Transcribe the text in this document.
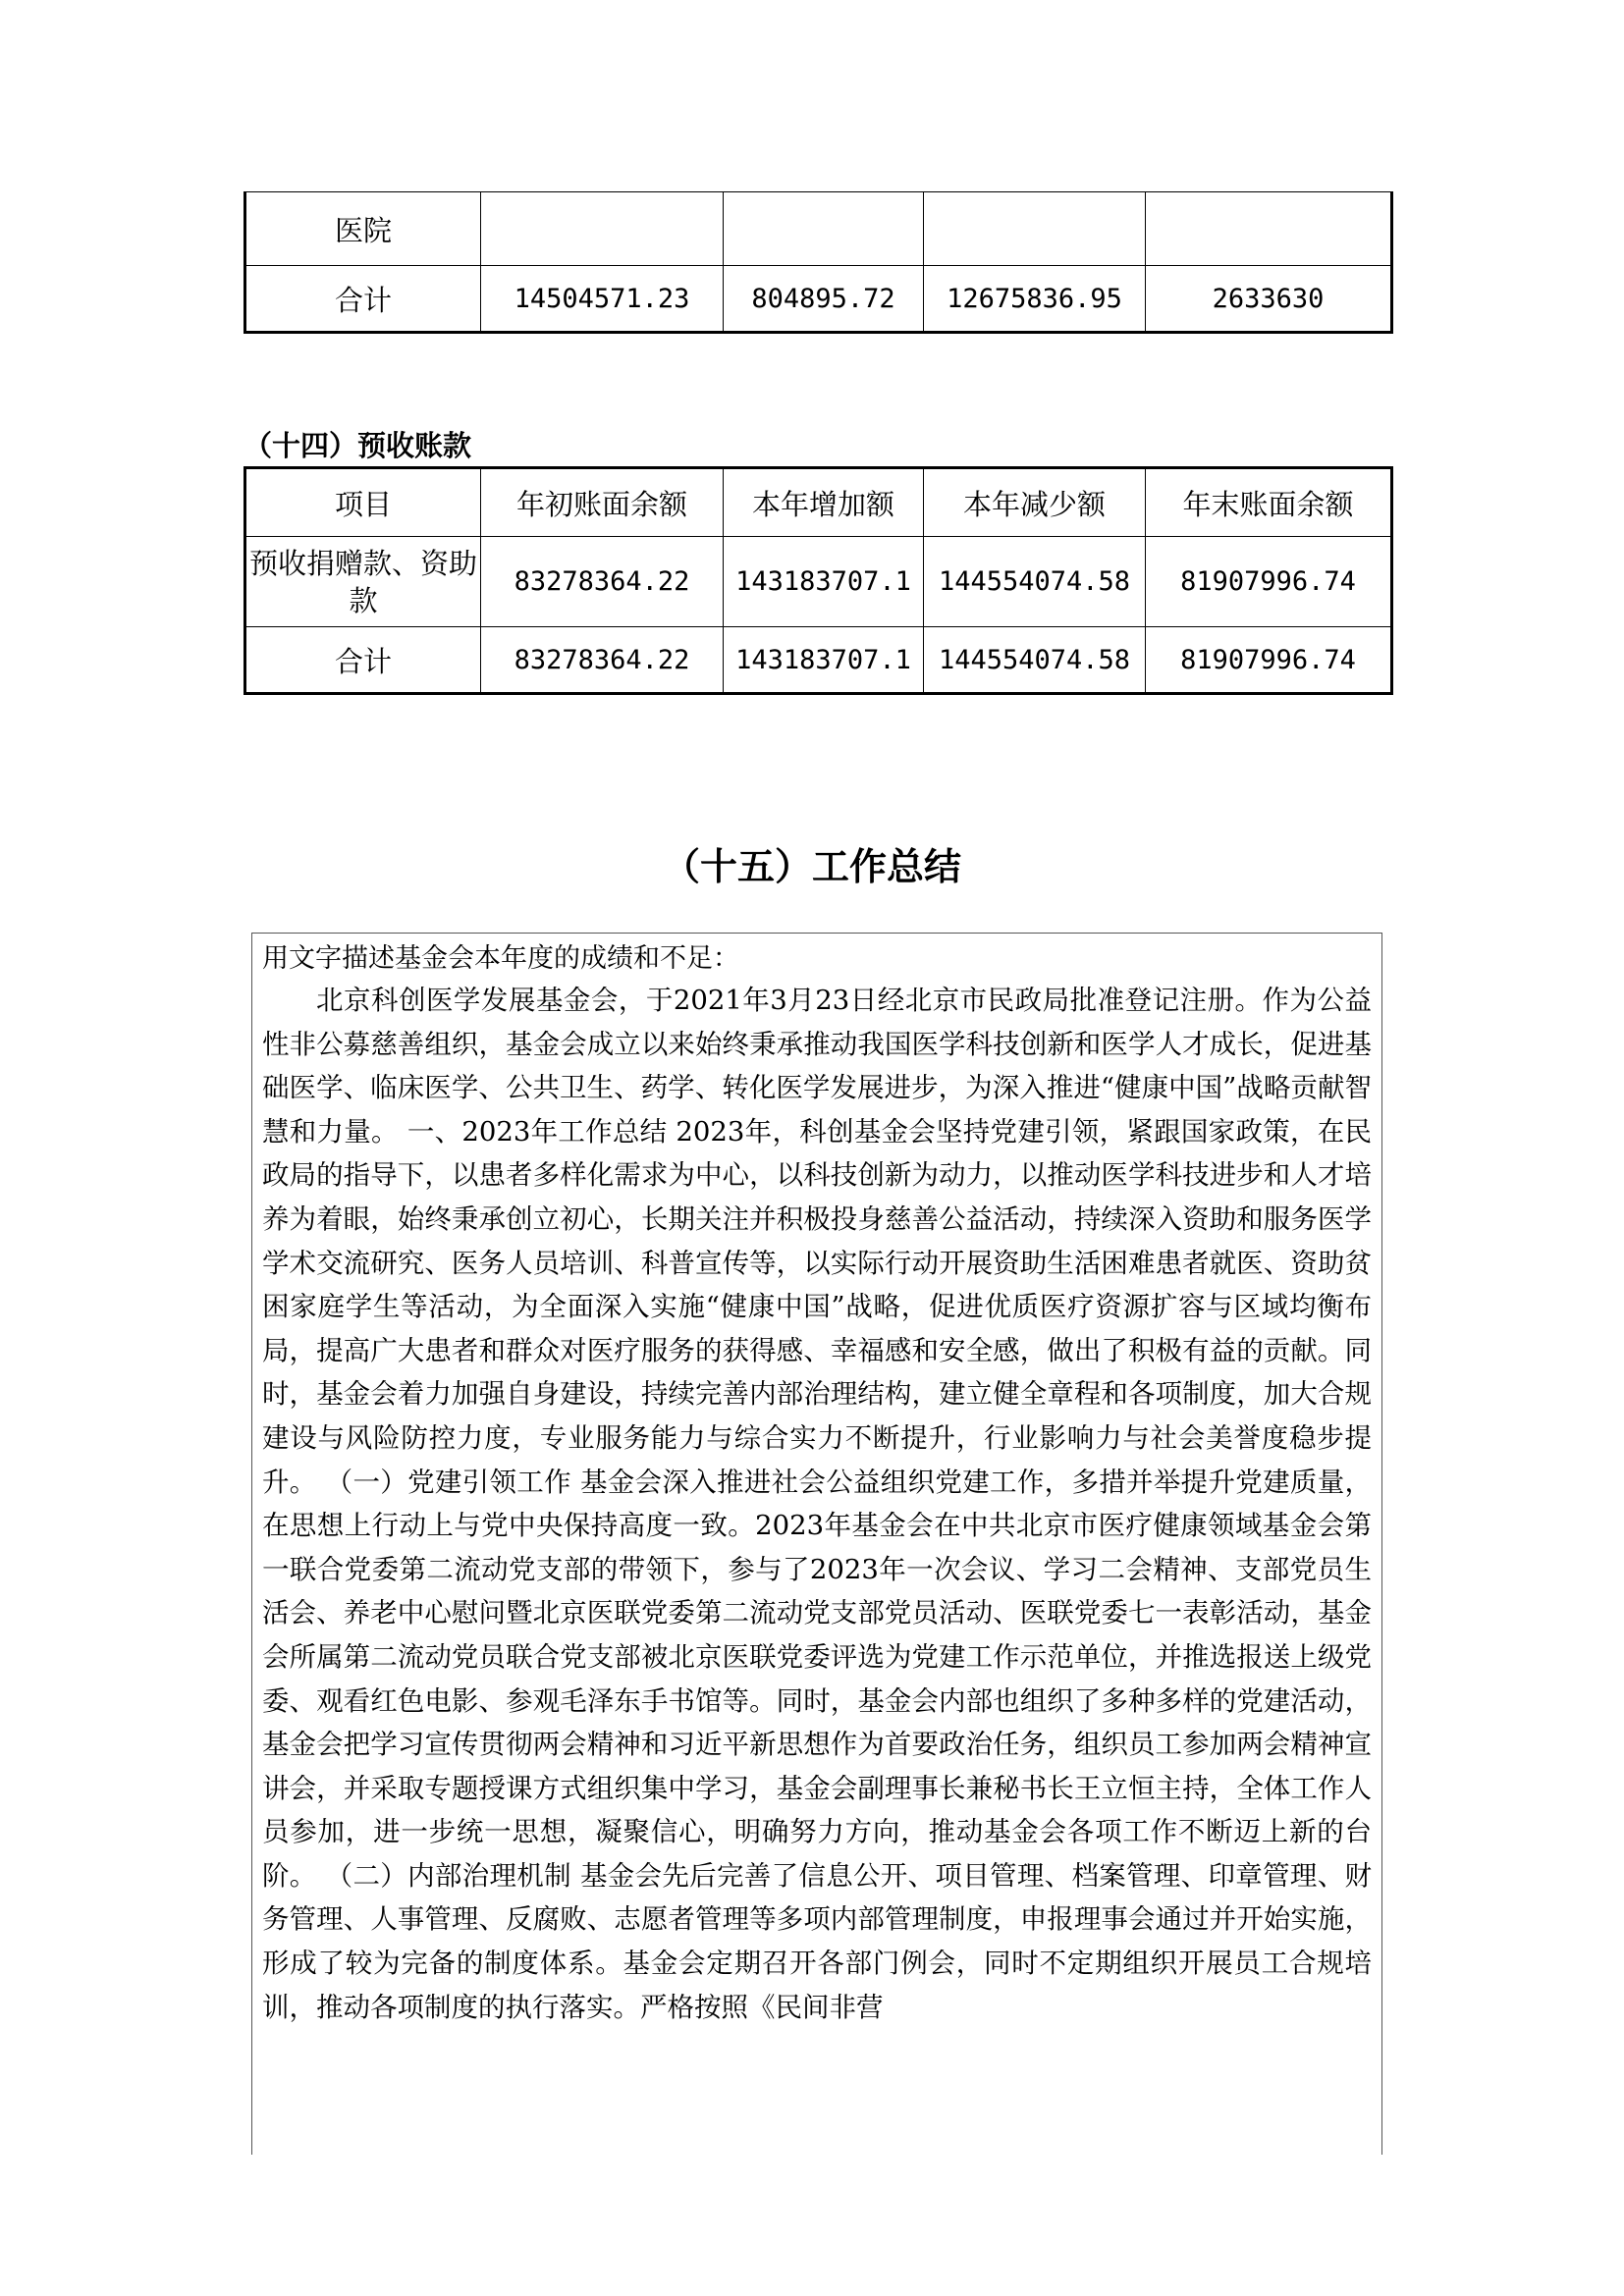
医院				
合计	14504571.23	804895.72	12675836.95	2633630
（十四）预收账款
项目	年初账面余额	本年增加额	本年减少额	年末账面余额
预收捐赠款、资助款	83278364.22	143183707.1	144554074.58	81907996.74
合计	83278364.22	143183707.1	144554074.58	81907996.74
（十五）工作总结

用文字描述基金会本年度的成绩和不足：

北京科创医学发展基金会，于2021年3月23日经北京市民政局批准登记注册。作为公益性非公募慈善组织，基金会成立以来始终秉承推动我国医学科技创新和医学人才成长，促进基础医学、临床医学、公共卫生、药学、转化医学发展进步，为深入推进“健康中国”战略贡献智慧和力量。 一、2023年工作总结 2023年，科创基金会坚持党建引领，紧跟国家政策，在民政局的指导下，以患者多样化需求为中心，以科技创新为动力，以推动医学科技进步和人才培养为着眼，始终秉承创立初心，长期关注并积极投身慈善公益活动，持续深入资助和服务医学学术交流研究、医务人员培训、科普宣传等，以实际行动开展资助生活困难患者就医、资助贫困家庭学生等活动，为全面深入实施“健康中国”战略，促进优质医疗资源扩容与区域均衡布局，提高广大患者和群众对医疗服务的获得感、幸福感和安全感，做出了积极有益的贡献。同时，基金会着力加强自身建设，持续完善内部治理结构，建立健全章程和各项制度，加大合规建设与风险防控力度，专业服务能力与综合实力不断提升，行业影响力与社会美誉度稳步提升。 （一）党建引领工作 基金会深入推进社会公益组织党建工作，多措并举提升党建质量，在思想上行动上与党中央保持高度一致。2023年基金会在中共北京市医疗健康领域基金会第一联合党委第二流动党支部的带领下，参与了2023年一次会议、学习二会精神、支部党员生活会、养老中心慰问暨北京医联党委第二流动党支部党员活动、医联党委七一表彰活动，基金会所属第二流动党员联合党支部被北京医联党委评选为党建工作示范单位，并推选报送上级党委、观看红色电影、参观毛泽东手书馆等。同时，基金会内部也组织了多种多样的党建活动，基金会把学习宣传贯彻两会精神和习近平新思想作为首要政治任务，组织员工参加两会精神宣讲会，并采取专题授课方式组织集中学习，基金会副理事长兼秘书长王立恒主持，全体工作人员参加，进一步统一思想，凝聚信心，明确努力方向，推动基金会各项工作不断迈上新的台阶。 （二）内部治理机制 基金会先后完善了信息公开、项目管理、档案管理、印章管理、财务管理、人事管理、反腐败、志愿者管理等多项内部管理制度，申报理事会通过并开始实施，形成了较为完备的制度体系。基金会定期召开各部门例会，同时不定期组织开展员工合规培训，推动各项制度的执行落实。严格按照《民间非营
